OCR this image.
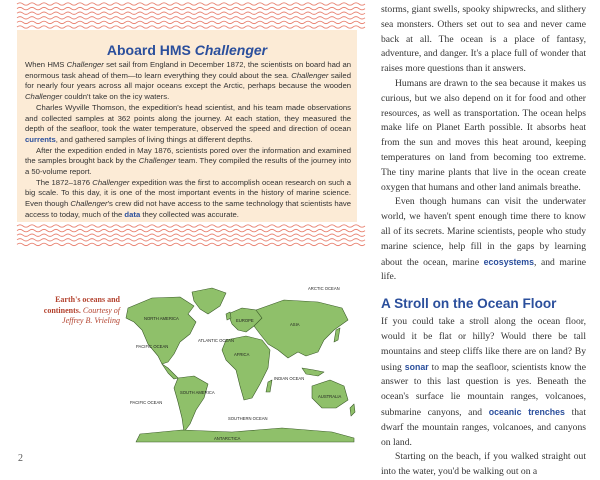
Aboard HMS Challenger

When HMS Challenger set sail from England in December 1872, the scientists on board had an enormous task ahead of them—to learn everything they could about the sea. Challenger sailed for nearly four years across all major oceans except the Arctic, perhaps because the wooden Challenger couldn't take on the icy waters.

Charles Wyville Thomson, the expedition's head scientist, and his team made observations and collected samples at 362 points along the journey. At each station, they measured the depth of the seafloor, took the water temperature, observed the speed and direction of ocean currents, and gathered samples of living things at different depths.

After the expedition ended in May 1876, scientists pored over the information and examined the samples brought back by the Challenger team. They compiled the results of the journey into a 50-volume report.

The 1872–1876 Challenger expedition was the first to accomplish ocean research on such a big scale. To this day, it is one of the most important events in the history of marine science. Even though Challenger's crew did not have access to the same technology that scientists have access to today, much of the data they collected was accurate.

Earth's oceans and continents. Courtesy of Jeffrey B. Vrieling
ARCTIC OCEAN
NORTH AMERICA	EUROPE
ASIA
ATLANTIC OCEAN
PACIFIC OCEAN
AFRICA
SOUTH AMERICA
INDIAN OCEAN
AUSTRALIA
PACIFIC OCEAN
SOUTHERN OCEAN
ANTARCTICA
2

storms, giant swells, spooky shipwrecks, and slithery sea monsters. Others set out to sea and never came back at all. The ocean is a place of fantasy, adventure, and danger. It's a place full of wonder that raises more questions than it answers.

Humans are drawn to the sea because it makes us curious, but we also depend on it for food and other resources, as well as transportation. The ocean helps make life on Planet Earth possible. It absorbs heat from the sun and moves this heat around, keeping temperatures on land from becoming too extreme. The tiny marine plants that live in the ocean create oxygen that humans and other land animals breathe.

Even though humans can visit the underwater world, we haven't spent enough time there to know all of its secrets. Marine scientists, people who study marine science, help fill in the gaps by learning about the ocean, marine ecosystems, and marine life.

A Stroll on the Ocean Floor

If you could take a stroll along the ocean floor, would it be flat or hilly? Would there be tall mountains and steep cliffs like there are on land? By using sonar to map the seafloor, scientists know the answer to this last question is yes. Beneath the ocean's surface lie mountain ranges, volcanoes, submarine canyons, and oceanic trenches that dwarf the mountain ranges, volcanoes, and canyons on land.

Starting on the beach, if you walked straight out into the water, you'd be walking out on a
